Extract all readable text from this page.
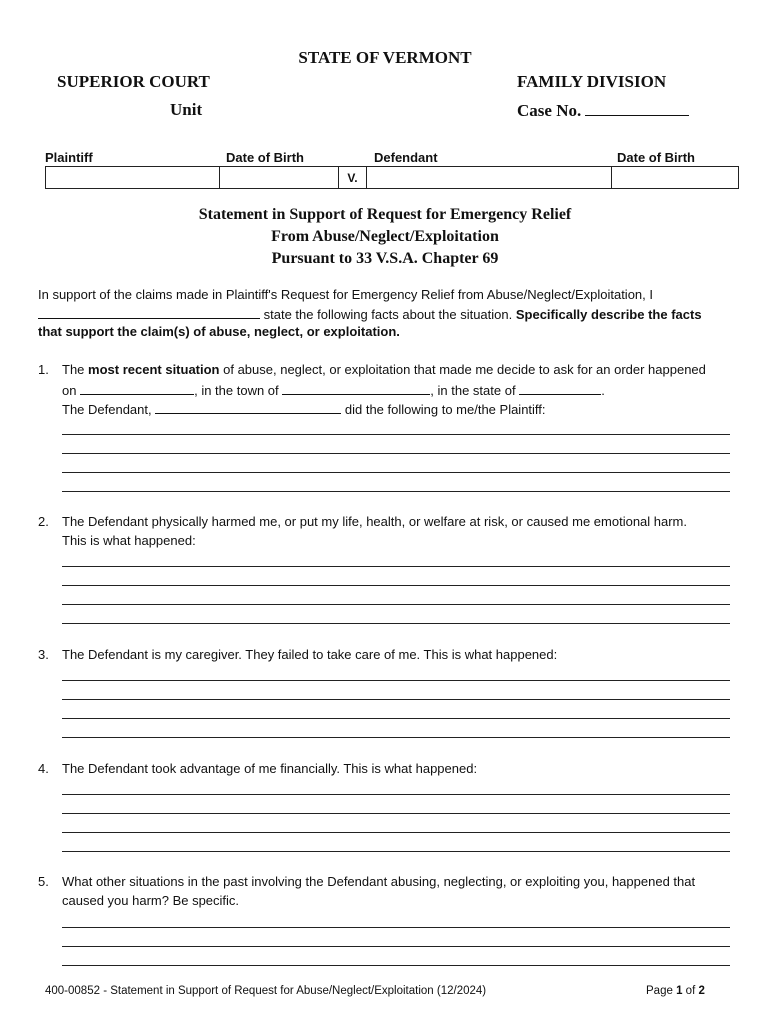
STATE OF VERMONT
SUPERIOR COURT
Unit
FAMILY DIVISION
Case No.
Plaintiff	Date of Birth	Defendant	Date of Birth
		V.		
Statement in Support of Request for Emergency Relief
From Abuse/Neglect/Exploitation
Pursuant to 33 V.S.A. Chapter 69
In support of the claims made in Plaintiff's Request for Emergency Relief from Abuse/Neglect/Exploitation, I
state the following facts about the situation. Specifically describe the facts
that support the claim(s) of abuse, neglect, or exploitation.
1. The most recent situation of abuse, neglect, or exploitation that made me decide to ask for an order happened
on	, in the town of	, in the state of	.
The Defendant,	did the following to me/the Plaintiff:
2. The Defendant physically harmed me, or put my life, health, or welfare at risk, or caused me emotional harm.
This is what happened:
3. The Defendant is my caregiver. They failed to take care of me. This is what happened:
4. The Defendant took advantage of me financially. This is what happened:
5. What other situations in the past involving the Defendant abusing, neglecting, or exploiting you, happened that
caused you harm? Be specific.
400-00852 - Statement in Support of Request for Abuse/Neglect/Exploitation (12/2024)	Page 1 of 2
